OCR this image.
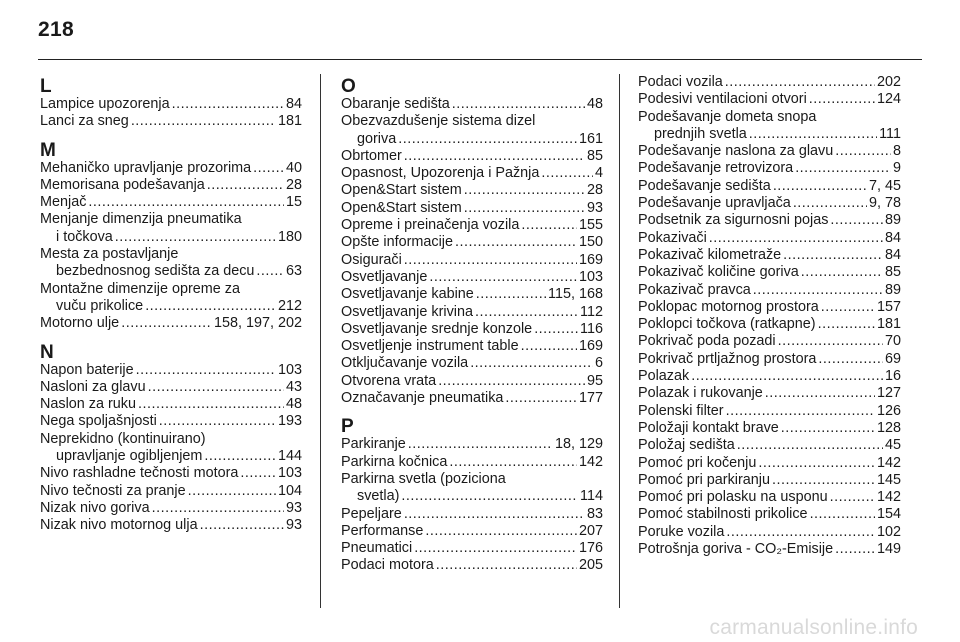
218
L
Lampice upozorenja .....	84
Lanci za sneg .....	181
M
Mehaničko upravljanje prozorima ..... 40
Memorisana podešavanja .....	28
Menjač .....	15
Menjanje dimenzija pneumatika
i točkova .....	180
Mesta za postavljanje
bezbednosnog sedišta za decu ..... 63
Montažne dimenzije opreme za
vuču prikolice .....	212
Motorno ulje .....	158, 197, 202
N
Napon baterije .....	103
Nasloni za glavu .....	43
Naslon za ruku .....	48
Nega spoljašnjosti .....	193
Neprekidno (kontinuirano)
upravljanje ogibljenjem .....	144
Nivo rashladne tečnosti motora .....	103
Nivo tečnosti za pranje .....	104
Nizak nivo goriva .....	93
Nizak nivo motornog ulja .....	93
O
Obaranje sedišta .....	48
Obezvazdušenje sistema dizel
goriva .....	161
Obrtomer .....	85
Opasnost, Upozorenja i Pažnja .....	4
Open&Start sistem .....	28
Open&Start sistem .....	93
Opreme i preinačenja vozila .....	155
Opšte informacije .....	150
Osigurači .....	169
Osvetljavanje .....	103
Osvetljavanje kabine .....	115, 168
Osvetljavanje krivina .....	112
Osvetljavanje srednje konzole .....	116
Osvetljenje instrument table .....	169
Otključavanje vozila .....	6
Otvorena vrata .....	95
Označavanje pneumatika .....	177
P
Parkiranje .....	18, 129
Parkirna kočnica .....	142
Parkirna svetla (poziciona
svetla) .....	114
Pepeljare .....	83
Performanse .....	207
Pneumatici .....	176
Podaci motora .....	205
Podaci vozila .....	202
Podesivi ventilacioni otvori .....	124
Podešavanje dometa snopa
prednjih svetla .....	111
Podešavanje naslona za glavu .....	8
Podešavanje retrovizora .....	9
Podešavanje sedišta .....	7, 45
Podešavanje upravljača .....	9, 78
Podsetnik za sigurnosni pojas .....	89
Pokazivači .....	84
Pokazivač kilometraže .....	84
Pokazivač količine goriva .....	85
Pokazivač pravca .....	89
Poklopac motornog prostora .....	157
Poklopci točkova (ratkapne) .....	181
Pokrivač poda pozadi .....	70
Pokrivač prtljažnog prostora .....	69
Polazak .....	16
Polazak i rukovanje .....	127
Polenski filter .....	126
Položaji kontakt brave .....	128
Položaj sedišta .....	45
Pomoć pri kočenju .....	142
Pomoć pri parkiranju .....	145
Pomoć pri polasku na usponu .....	142
Pomoć stabilnosti prikolice .....	154
Poruke vozila .....	102
Potrošnja goriva - CO₂-Emisije .....	149
carmanualsonline.info
